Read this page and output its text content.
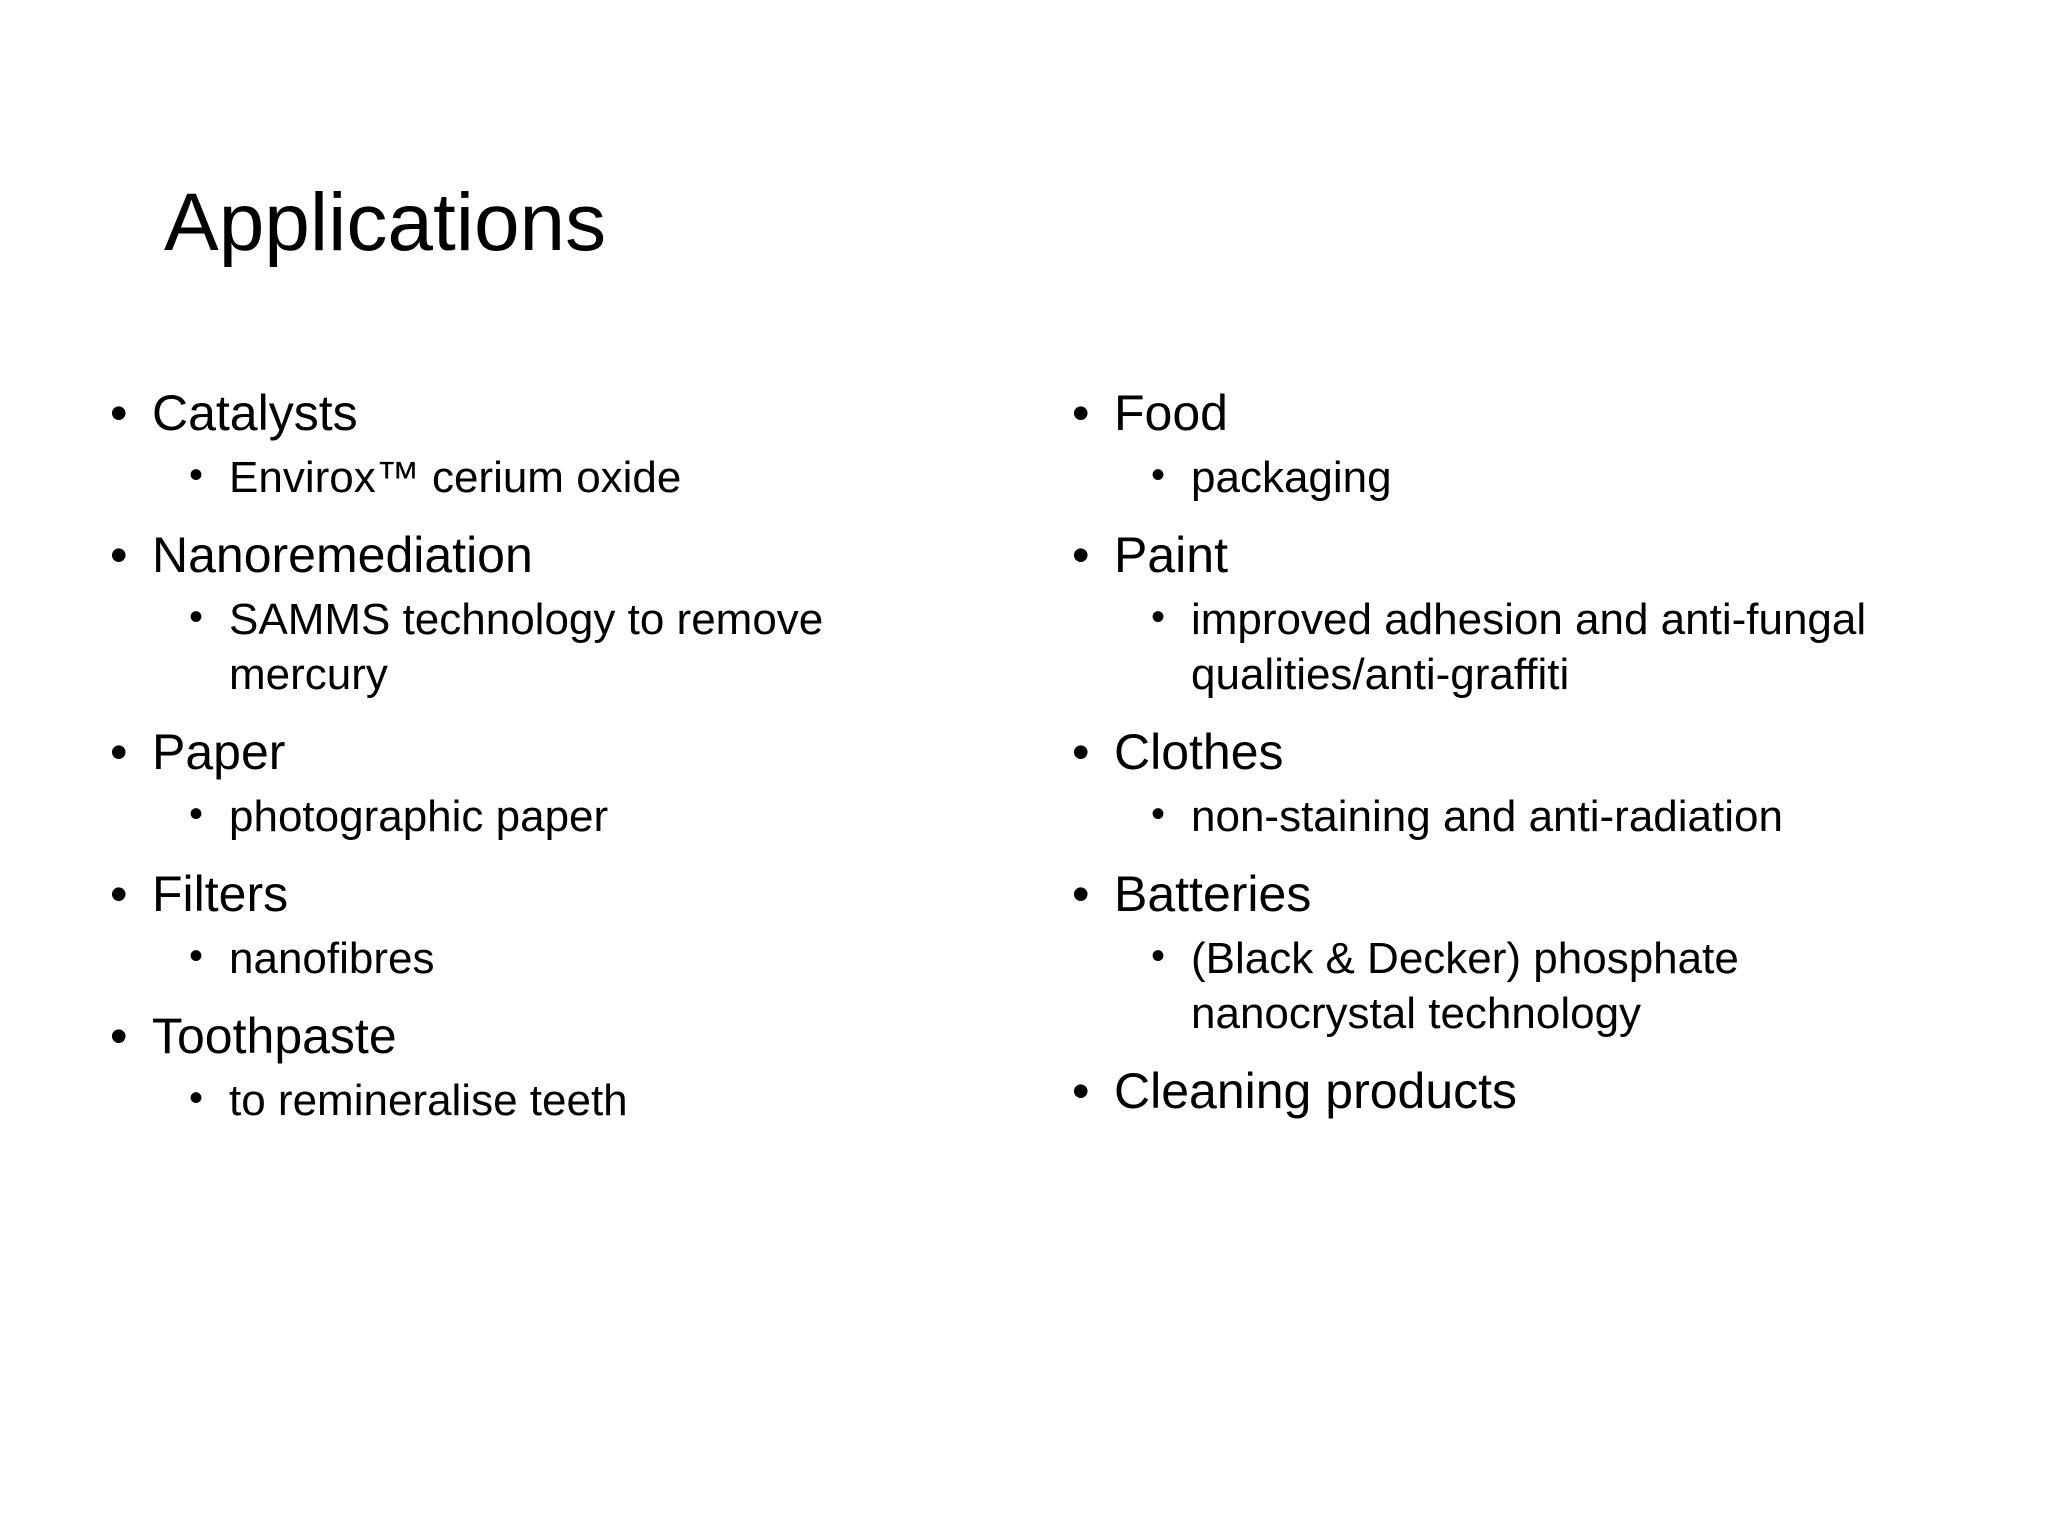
Applications
• Catalysts
• Envirox™ cerium oxide
• Nanoremediation
• SAMMS technology to remove mercury
• Paper
• photographic paper
• Filters
• nanofibres
• Toothpaste
• to remineralise teeth
• Food
• packaging
• Paint
• improved adhesion and anti-fungal qualities/anti-graffiti
• Clothes
• non-staining and anti-radiation
• Batteries
• (Black & Decker) phosphate nanocrystal technology
• Cleaning products
